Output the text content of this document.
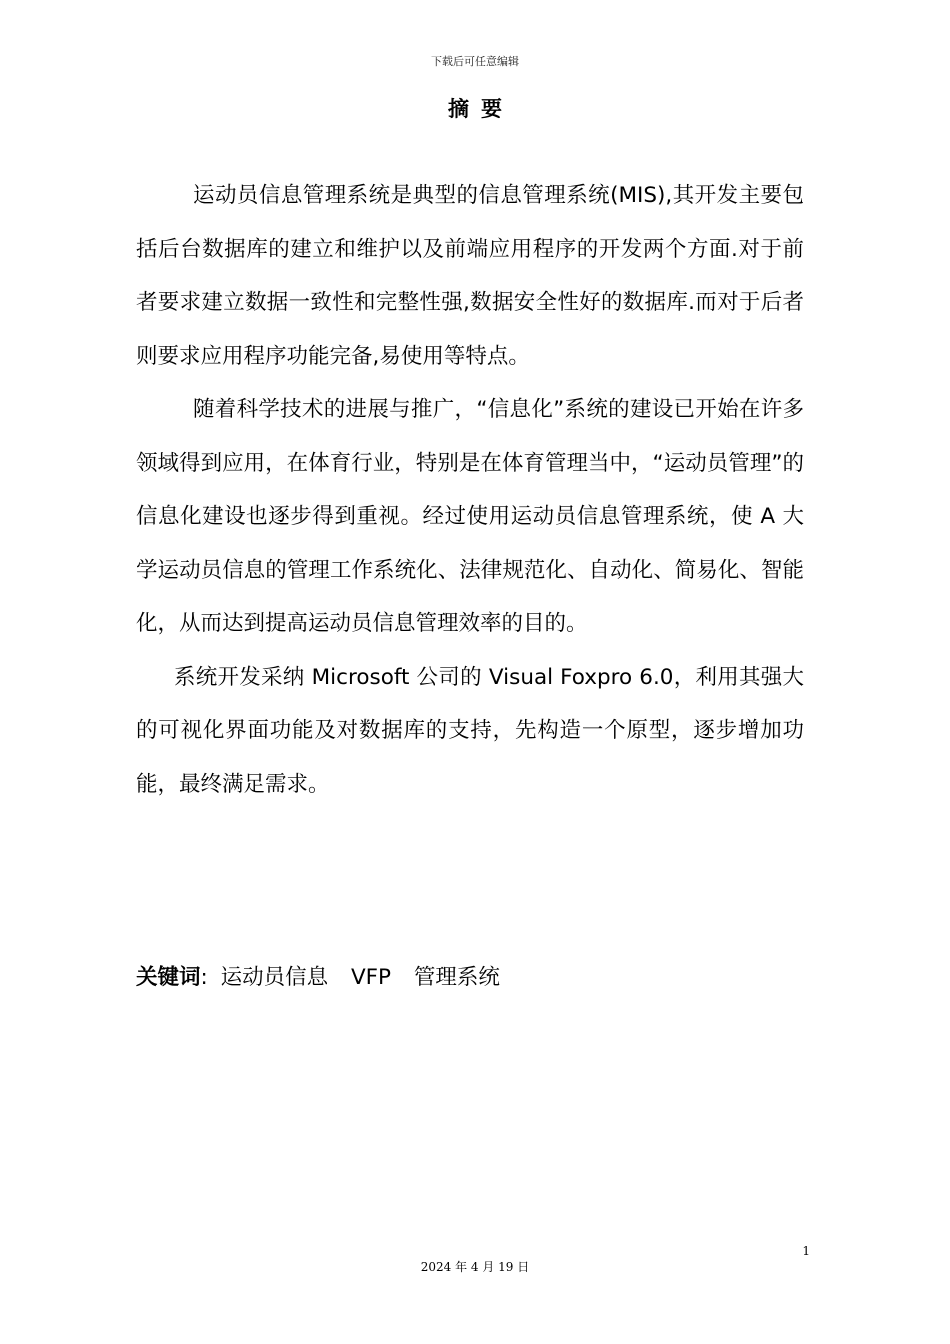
下载后可任意编辑
摘要

运动员信息管理系统是典型的信息管理系统(MIS),其开发主要包括后台数据库的建立和维护以及前端应用程序的开发两个方面.对于前者要求建立数据一致性和完整性强,数据安全性好的数据库.而对于后者则要求应用程序功能完备,易使用等特点。

随着科学技术的进展与推广，“信息化”系统的建设已开始在许多领域得到应用，在体育行业，特别是在体育管理当中，“运动员管理”的信息化建设也逐步得到重视。经过使用运动员信息管理系统，使 A 大学运动员信息的管理工作系统化、法律规范化、自动化、简易化、智能化，从而达到提高运动员信息管理效率的目的。

系统开发采纳 Microsoft 公司的 Visual Foxpro 6.0，利用其强大的可视化界面功能及对数据库的支持，先构造一个原型，逐步增加功能，最终满足需求。

关键词: 运动员信息 VFP 管理系统
1
2024 年 4 月 19 日
